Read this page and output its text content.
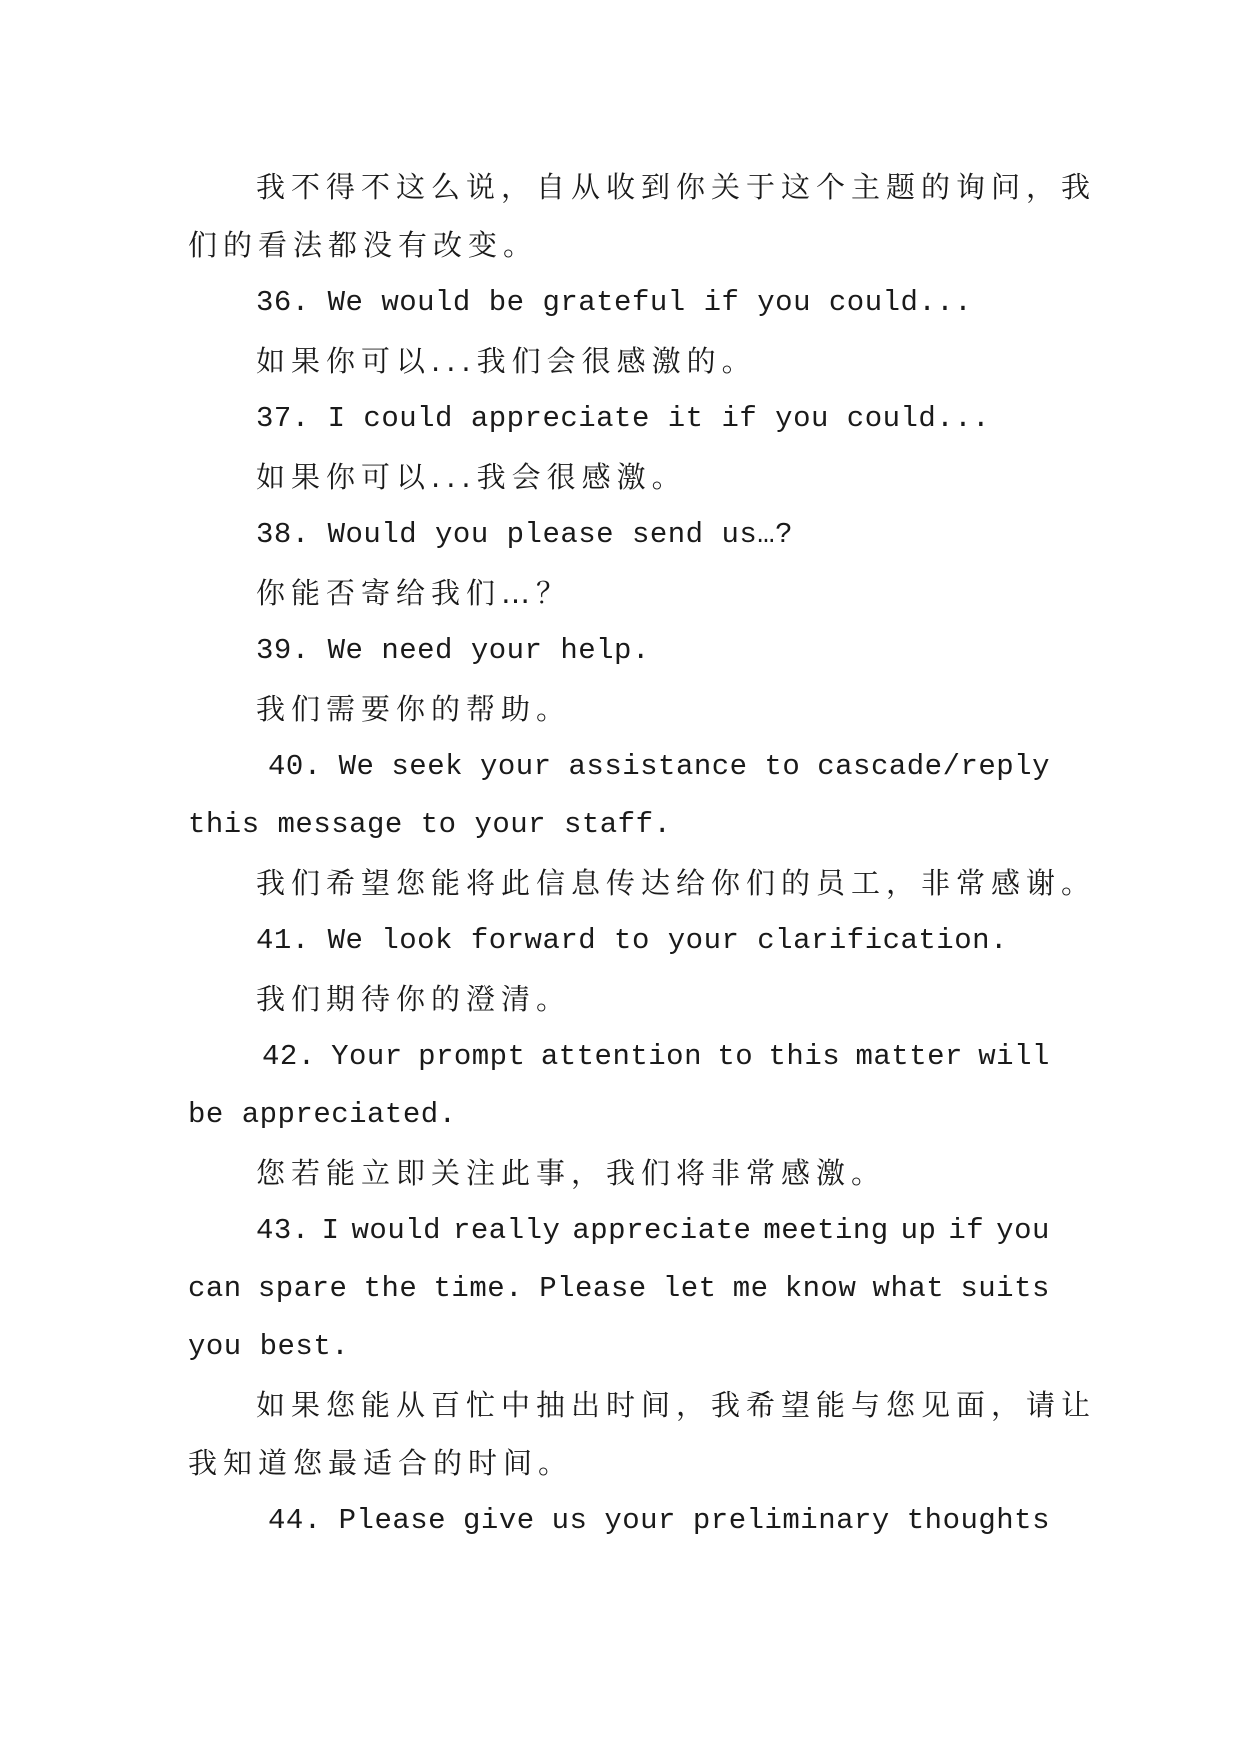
我不得不这么说，自从收到你关于这个主题的询问，我
们的看法都没有改变。
36. We would be grateful if you could...
如果你可以...我们会很感激的。
37. I could appreciate it if you could...
如果你可以...我会很感激。
38. Would you please send us…?
你能否寄给我们…？
39. We need your help.
我们需要你的帮助。
40. We seek your assistance to cascade/reply
this message to your staff.
我们希望您能将此信息传达给你们的员工，非常感谢。
41. We look forward to your clarification.
我们期待你的澄清。
42. Your prompt attention to this matter will
be appreciated.
您若能立即关注此事，我们将非常感激。
43. I would really appreciate meeting up if you
can spare the time. Please let me know what suits
you best.
如果您能从百忙中抽出时间，我希望能与您见面，请让
我知道您最适合的时间。
44. Please give us your preliminary thoughts
